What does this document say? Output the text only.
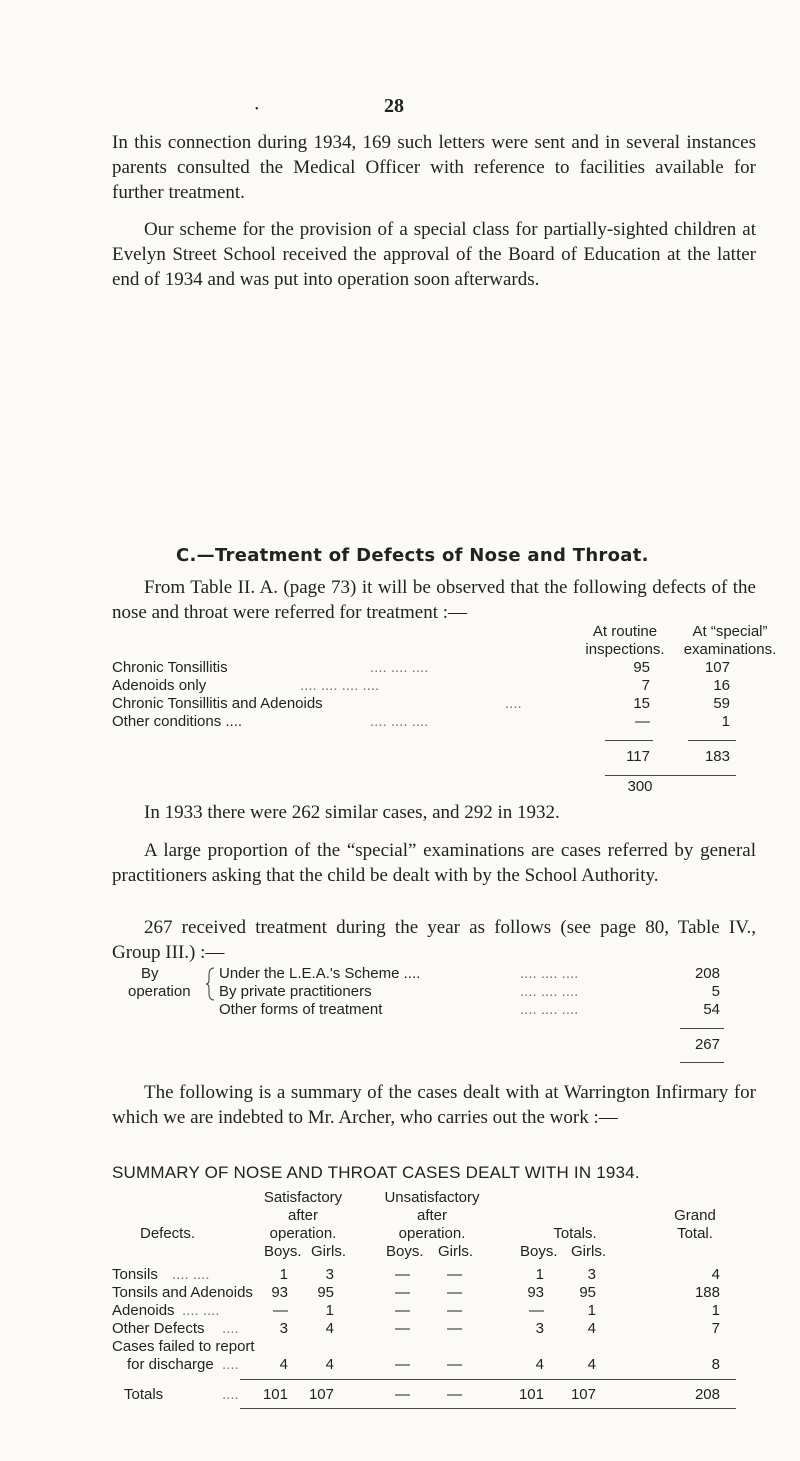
28
•

In this connection during 1934, 169 such letters were sent and in several instances parents consulted the Medical Officer with reference to facilities available for further treatment.

Our scheme for the provision of a special class for partially-sighted children at Evelyn Street School received the approval of the Board of Education at the latter end of 1934 and was put into operation soon afterwards.

C.—Treatment of Defects of Nose and Throat.

From Table II. A. (page 73) it will be observed that the following defects of the nose and throat were referred for treatment :—

At routine
inspections.
At “special”
examinations.
Chronic Tonsillitis	.... .... ....	95	107
Adenoids only	.... .... .... ....	7	16
Chronic Tonsillitis and Adenoids	....	15	59
Other conditions ....	.... .... ....	—	1
117	183
300

In 1933 there were 262 similar cases, and 292 in 1932.

A large proportion of the “special” examinations are cases referred by general practitioners asking that the child be dealt with by the School Authority.

267 received treatment during the year as follows (see page 80, Table IV., Group III.) :—

By
operation
Under the L.E.A.'s Scheme ....	.... .... ....	208
By private practitioners	.... .... ....	5
Other forms of treatment	.... .... ....	54
267

The following is a summary of the cases dealt with at Warrington Infirmary for which we are indebted to Mr. Archer, who carries out the work :—

SUMMARY OF NOSE AND THROAT CASES DEALT WITH IN 1934.
Satisfactory
after
operation.
Unsatisfactory
after
operation.	Totals.
Grand
Total.
Defects.
Boys. Girls.	Boys. Girls.	Boys. Girls.
Tonsils .... ....	1	3	—	—	1	3	4
Tonsils and Adenoids	93	95	—	—	93	95	188
Adenoids .... ....	—	1	—	—	—	1	1
Other Defects ....	3	4	—	—	3	4	7
Cases failed to report
for discharge ....	4	4	—	—	4	4	8
Totals	....	101	107	—	—	101	107	208
